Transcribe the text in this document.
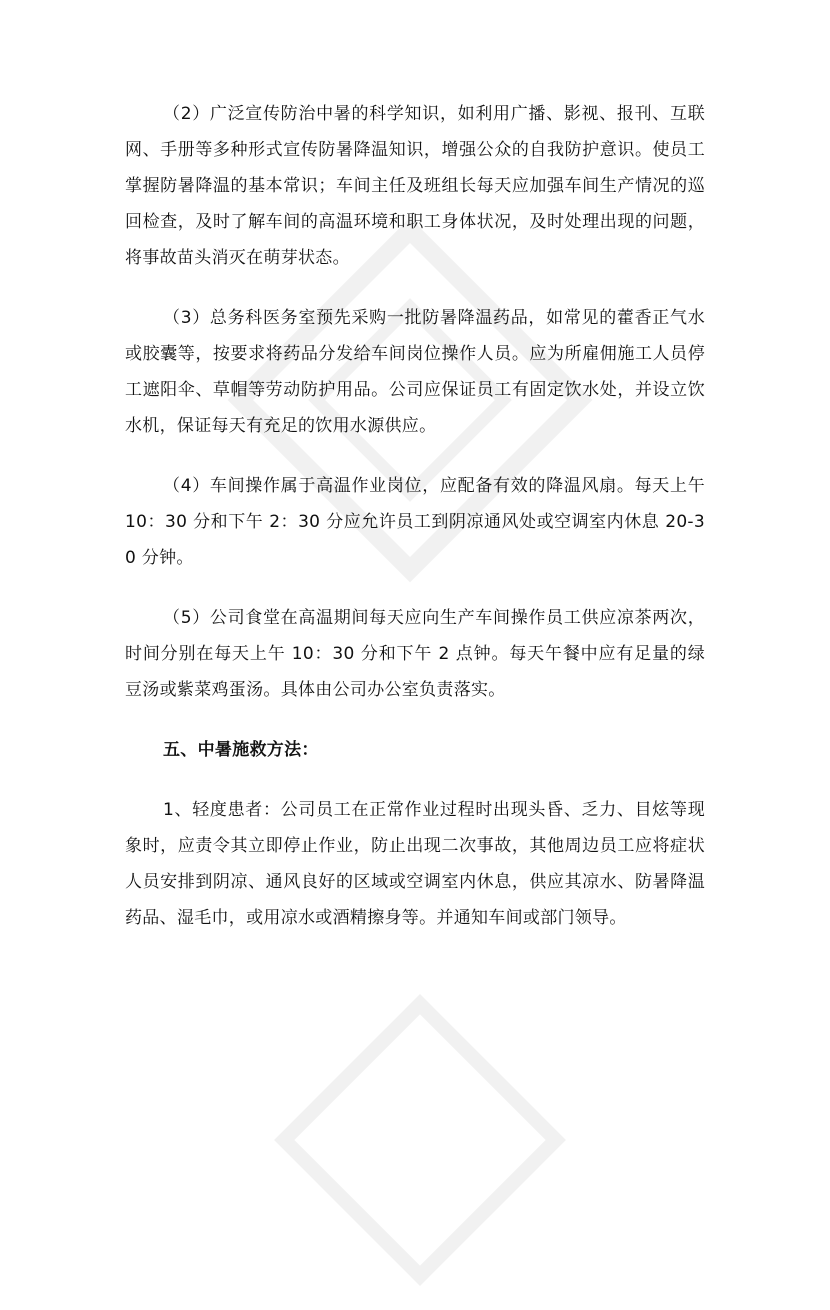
（2）广泛宣传防治中暑的科学知识，如利用广播、影视、报刊、互联网、手册等多种形式宣传防暑降温知识，增强公众的自我防护意识。使员工掌握防暑降温的基本常识；车间主任及班组长每天应加强车间生产情况的巡回检查，及时了解车间的高温环境和职工身体状况，及时处理出现的问题，将事故苗头消灭在萌芽状态。

（3）总务科医务室预先采购一批防暑降温药品，如常见的藿香正气水或胶囊等，按要求将药品分发给车间岗位操作人员。应为所雇佣施工人员停工遮阳伞、草帽等劳动防护用品。公司应保证员工有固定饮水处，并设立饮水机，保证每天有充足的饮用水源供应。

（4）车间操作属于高温作业岗位，应配备有效的降温风扇。每天上午 10：30 分和下午 2：30 分应允许员工到阴凉通风处或空调室内休息 20-30 分钟。

（5）公司食堂在高温期间每天应向生产车间操作员工供应凉茶两次，时间分别在每天上午 10：30 分和下午 2 点钟。每天午餐中应有足量的绿豆汤或紫菜鸡蛋汤。具体由公司办公室负责落实。

五、中暑施救方法：

1、轻度患者：公司员工在正常作业过程时出现头昏、乏力、目炫等现象时，应责令其立即停止作业，防止出现二次事故，其他周边员工应将症状人员安排到阴凉、通风良好的区域或空调室内休息，供应其凉水、防暑降温药品、湿毛巾，或用凉水或酒精擦身等。并通知车间或部门领导。
